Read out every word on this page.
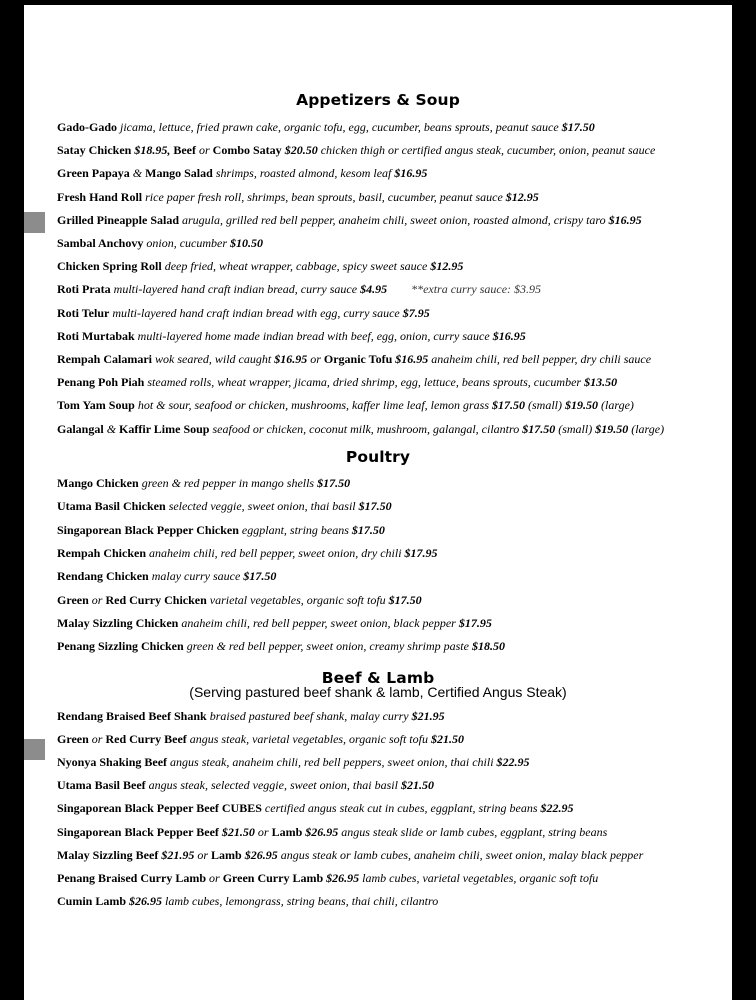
Appetizers & Soup
Gado-Gado jicama, lettuce, fried prawn cake, organic tofu, egg, cucumber, beans sprouts, peanut sauce $17.50
Satay Chicken $18.95, Beef or Combo Satay $20.50 chicken thigh or certified angus steak, cucumber, onion, peanut sauce
Green Papaya & Mango Salad shrimps, roasted almond, kesom leaf $16.95
Fresh Hand Roll rice paper fresh roll, shrimps, bean sprouts, basil, cucumber, peanut sauce $12.95
Grilled Pineapple Salad arugula, grilled red bell pepper, anaheim chili, sweet onion, roasted almond, crispy taro $16.95
Sambal Anchovy onion, cucumber $10.50
Chicken Spring Roll deep fried, wheat wrapper, cabbage, spicy sweet sauce $12.95
Roti Prata multi-layered hand craft indian bread, curry sauce $4.95        **extra curry sauce: $3.95
Roti Telur multi-layered hand craft indian bread with egg, curry sauce $7.95
Roti Murtabak multi-layered home made indian bread with beef, egg, onion, curry sauce $16.95
Rempah Calamari wok seared, wild caught $16.95 or Organic Tofu $16.95 anaheim chili, red bell pepper, dry chili sauce
Penang Poh Piah steamed rolls, wheat wrapper, jicama, dried shrimp, egg, lettuce, beans sprouts, cucumber $13.50
Tom Yam Soup hot & sour, seafood or chicken, mushrooms, kaffer lime leaf, lemon grass $17.50 (small) $19.50 (large)
Galangal & Kaffir Lime Soup seafood or chicken, coconut milk, mushroom, galangal, cilantro $17.50 (small) $19.50 (large)
Poultry
Mango Chicken green & red pepper in mango shells $17.50
Utama Basil Chicken selected veggie, sweet onion, thai basil $17.50
Singaporean Black Pepper Chicken eggplant, string beans $17.50
Rempah Chicken anaheim chili, red bell pepper, sweet onion, dry chili $17.95
Rendang Chicken malay curry sauce $17.50
Green or Red Curry Chicken varietal vegetables, organic soft tofu $17.50
Malay Sizzling Chicken anaheim chili, red bell pepper, sweet onion, black pepper $17.95
Penang Sizzling Chicken green & red bell pepper, sweet onion, creamy shrimp paste $18.50
Beef & Lamb
(Serving pastured beef shank & lamb, Certified Angus Steak)
Rendang Braised Beef Shank braised pastured beef shank, malay curry $21.95
Green or Red Curry Beef angus steak, varietal vegetables, organic soft tofu $21.50
Nyonya Shaking Beef angus steak, anaheim chili, red bell peppers, sweet onion, thai chili $22.95
Utama Basil Beef angus steak, selected veggie, sweet onion, thai basil $21.50
Singaporean Black Pepper Beef CUBES certified angus steak cut in cubes, eggplant, string beans $22.95
Singaporean Black Pepper Beef $21.50 or Lamb $26.95 angus steak slide or lamb cubes, eggplant, string beans
Malay Sizzling Beef $21.95 or Lamb $26.95 angus steak or lamb cubes, anaheim chili, sweet onion, malay black pepper
Penang Braised Curry Lamb or Green Curry Lamb $26.95 lamb cubes, varietal vegetables, organic soft tofu
Cumin Lamb $26.95 lamb cubes, lemongrass, string beans, thai chili, cilantro
